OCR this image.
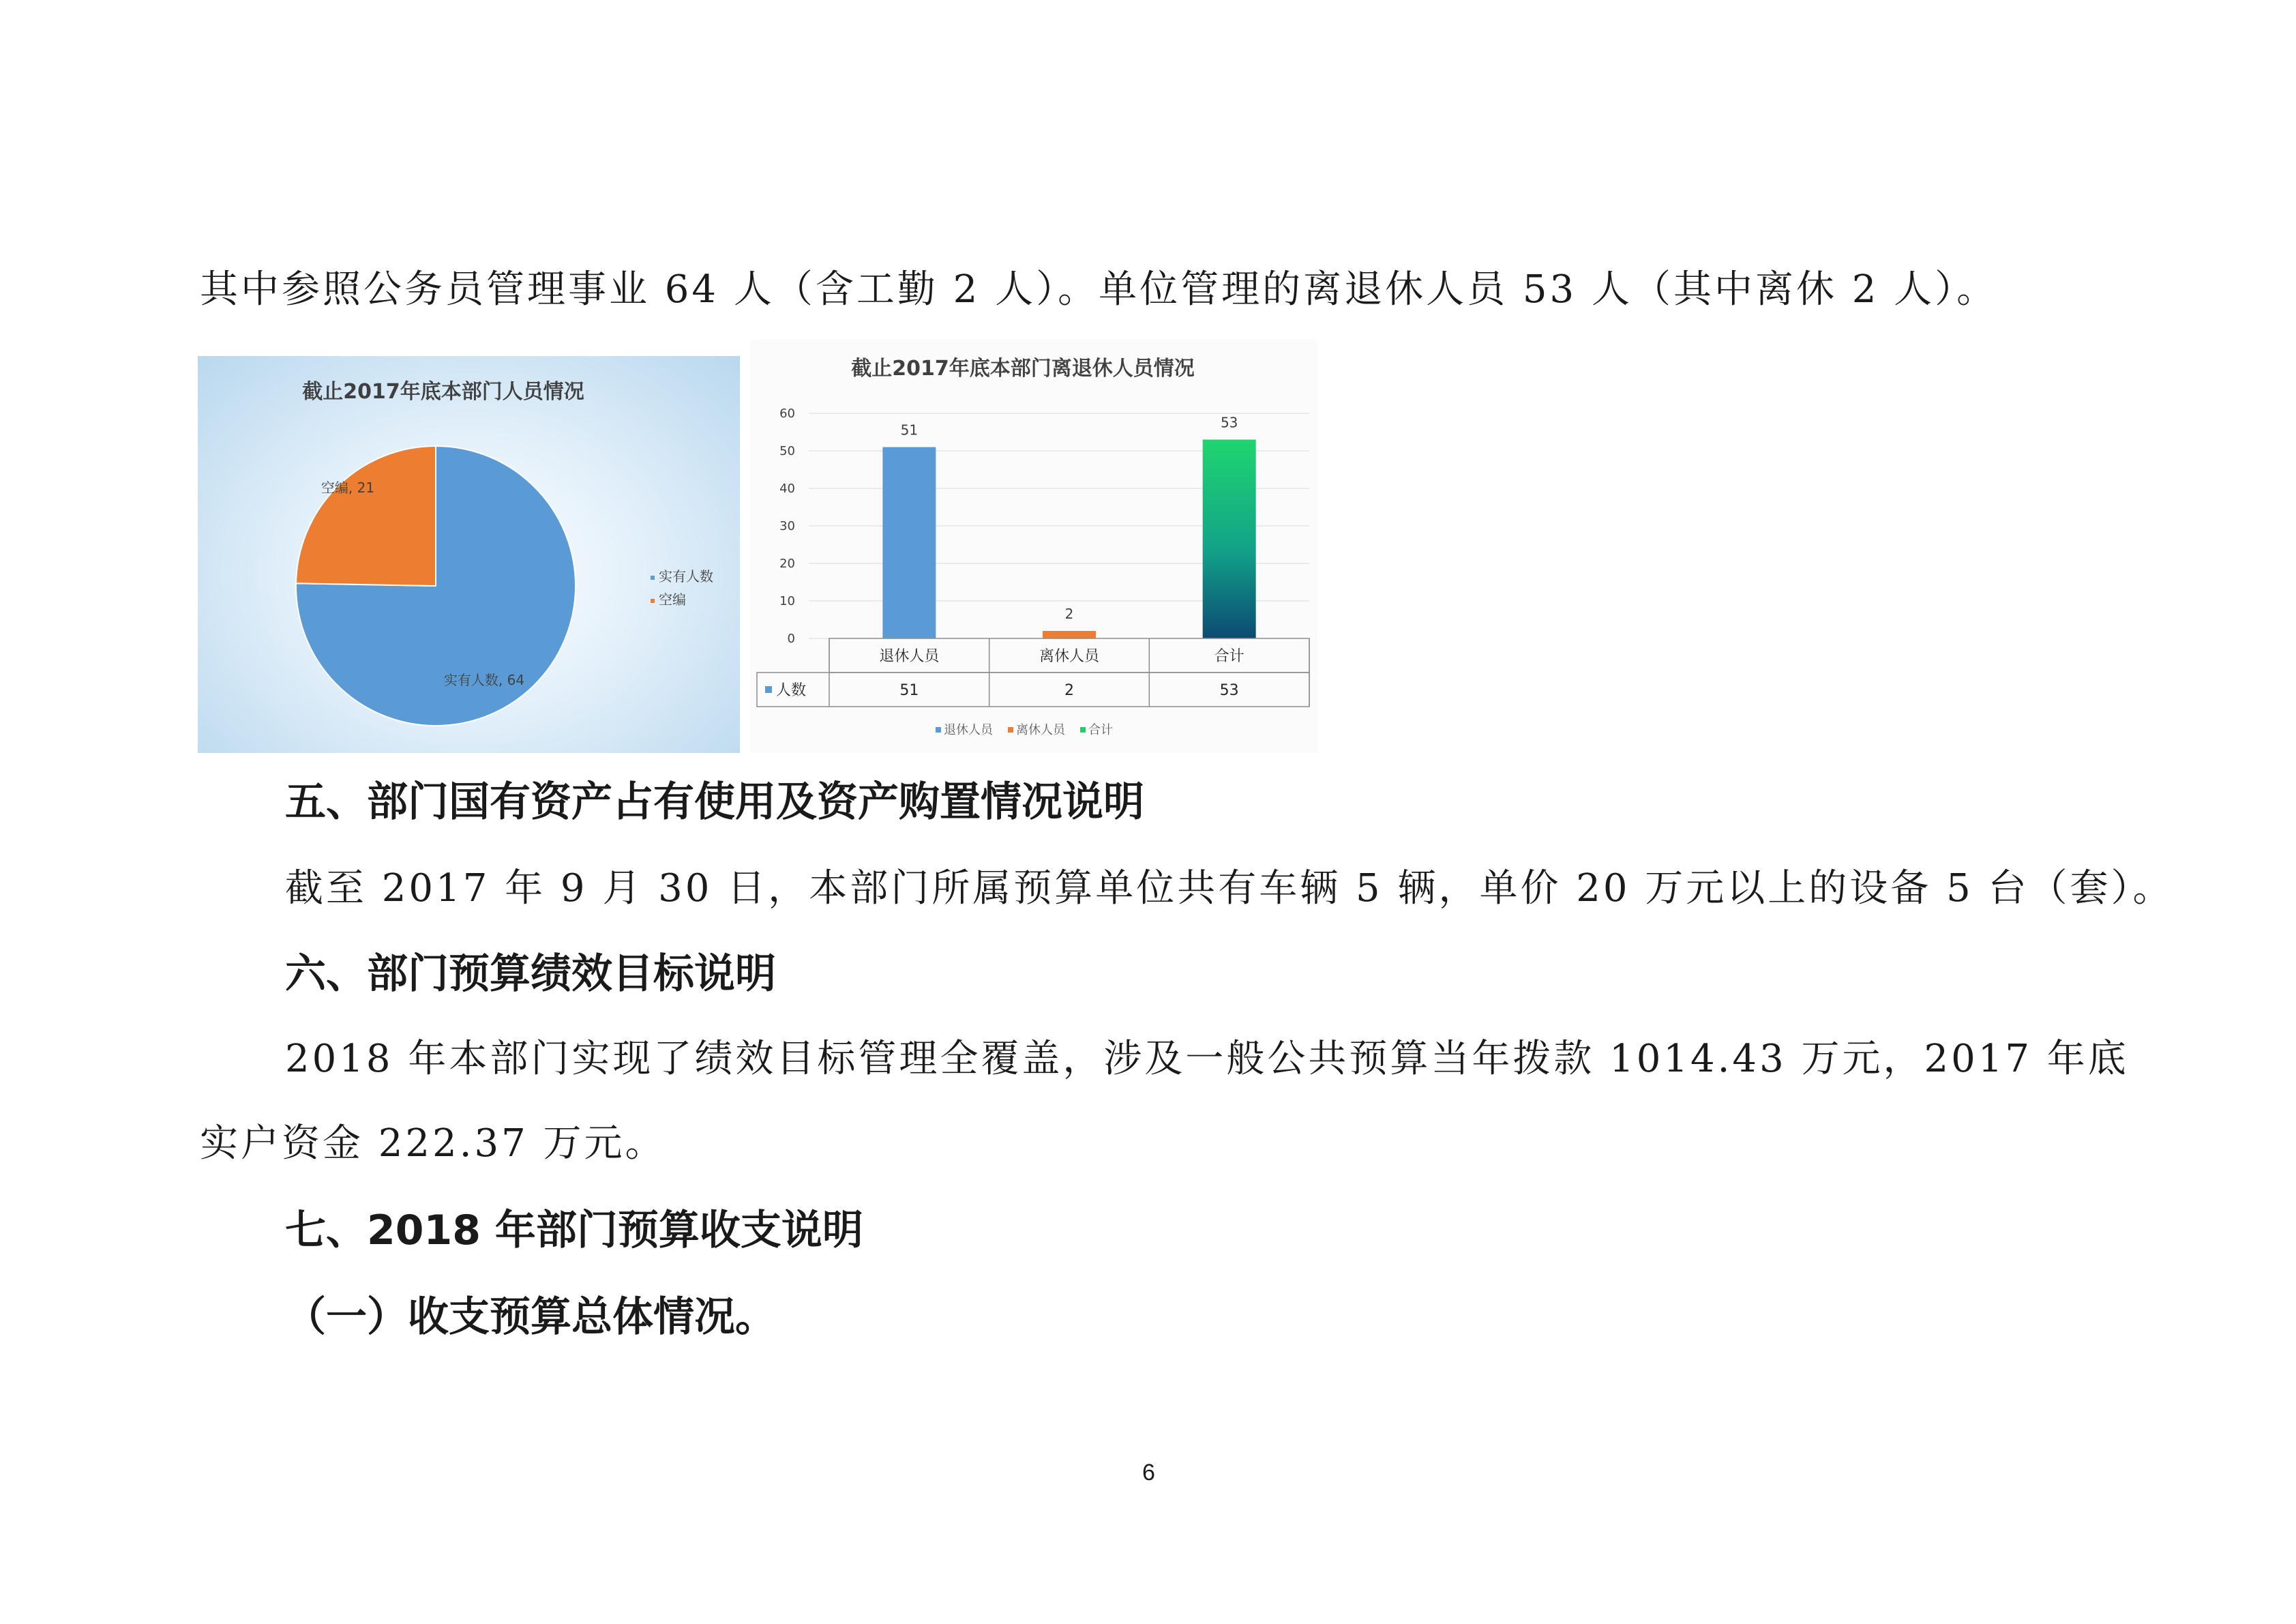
其中参照公务员管理事业 64 人（含工勤 2 人）。单位管理的离退休人员 53 人（其中离休 2 人）。
截止2017年底本部门人员情况
实有人数, 64
空编, 21
实有人数
空编
截止2017年底本部门离退休人员情况
0
10
20
30
40
50
60
51
2
53
退休人员
51
离休人员
2
合计
53
人数
退休人员 离休人员 合计
五、部门国有资产占有使用及资产购置情况说明
截至 2017 年 9 月 30 日，本部门所属预算单位共有车辆 5 辆，单价 20 万元以上的设备 5 台（套）。
六、部门预算绩效目标说明
2018 年本部门实现了绩效目标管理全覆盖，涉及一般公共预算当年拨款 1014.43 万元，2017 年底
实户资金 222.37 万元。
七、2018 年部门预算收支说明
（一）收支预算总体情况。
6
